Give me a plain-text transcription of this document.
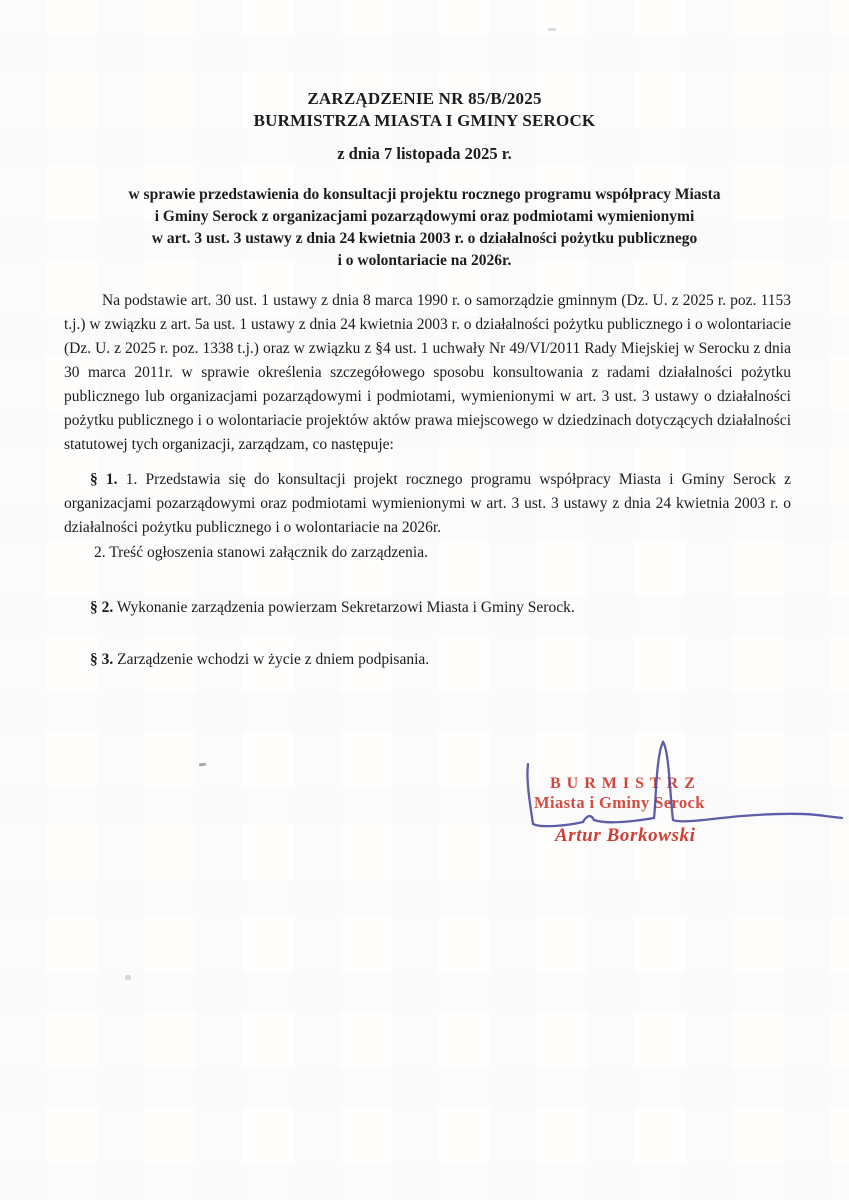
ZARZĄDZENIE NR 85/B/2025
BURMISTRZA MIASTA I GMINY SEROCK
z dnia 7 listopada 2025 r.
w sprawie przedstawienia do konsultacji projektu rocznego programu współpracy Miasta
i Gminy Serock z organizacjami pozarządowymi oraz podmiotami wymienionymi
w art. 3 ust. 3 ustawy z dnia 24 kwietnia 2003 r. o działalności pożytku publicznego
i o wolontariacie na 2026r.

Na podstawie art. 30 ust. 1 ustawy z dnia 8 marca 1990 r. o samorządzie gminnym (Dz. U. z 2025 r. poz. 1153 t.j.) w związku z art. 5a ust. 1 ustawy z dnia 24 kwietnia 2003 r. o działalności pożytku publicznego i o wolontariacie (Dz. U. z 2025 r. poz. 1338 t.j.) oraz w związku z §4 ust. 1 uchwały Nr 49/VI/2011 Rady Miejskiej w Serocku z dnia 30 marca 2011r. w sprawie określenia szczegółowego sposobu konsultowania z radami działalności pożytku publicznego lub organizacjami pozarządowymi i podmiotami, wymienionymi w art. 3 ust. 3 ustawy o działalności pożytku publicznego i o wolontariacie projektów aktów prawa miejscowego w dziedzinach dotyczących działalności statutowej tych organizacji, zarządzam, co następuje:

§ 1. 1. Przedstawia się do konsultacji projekt rocznego programu współpracy Miasta i Gminy Serock z organizacjami pozarządowymi oraz podmiotami wymienionymi w art. 3 ust. 3 ustawy z dnia 24 kwietnia 2003 r. o działalności pożytku publicznego i o wolontariacie na 2026r.

2. Treść ogłoszenia stanowi załącznik do zarządzenia.

§ 2. Wykonanie zarządzenia powierzam Sekretarzowi Miasta i Gminy Serock.

§ 3. Zarządzenie wchodzi w życie z dniem podpisania.

BURMISTRZ
Miasta i Gminy Serock
Artur Borkowski
